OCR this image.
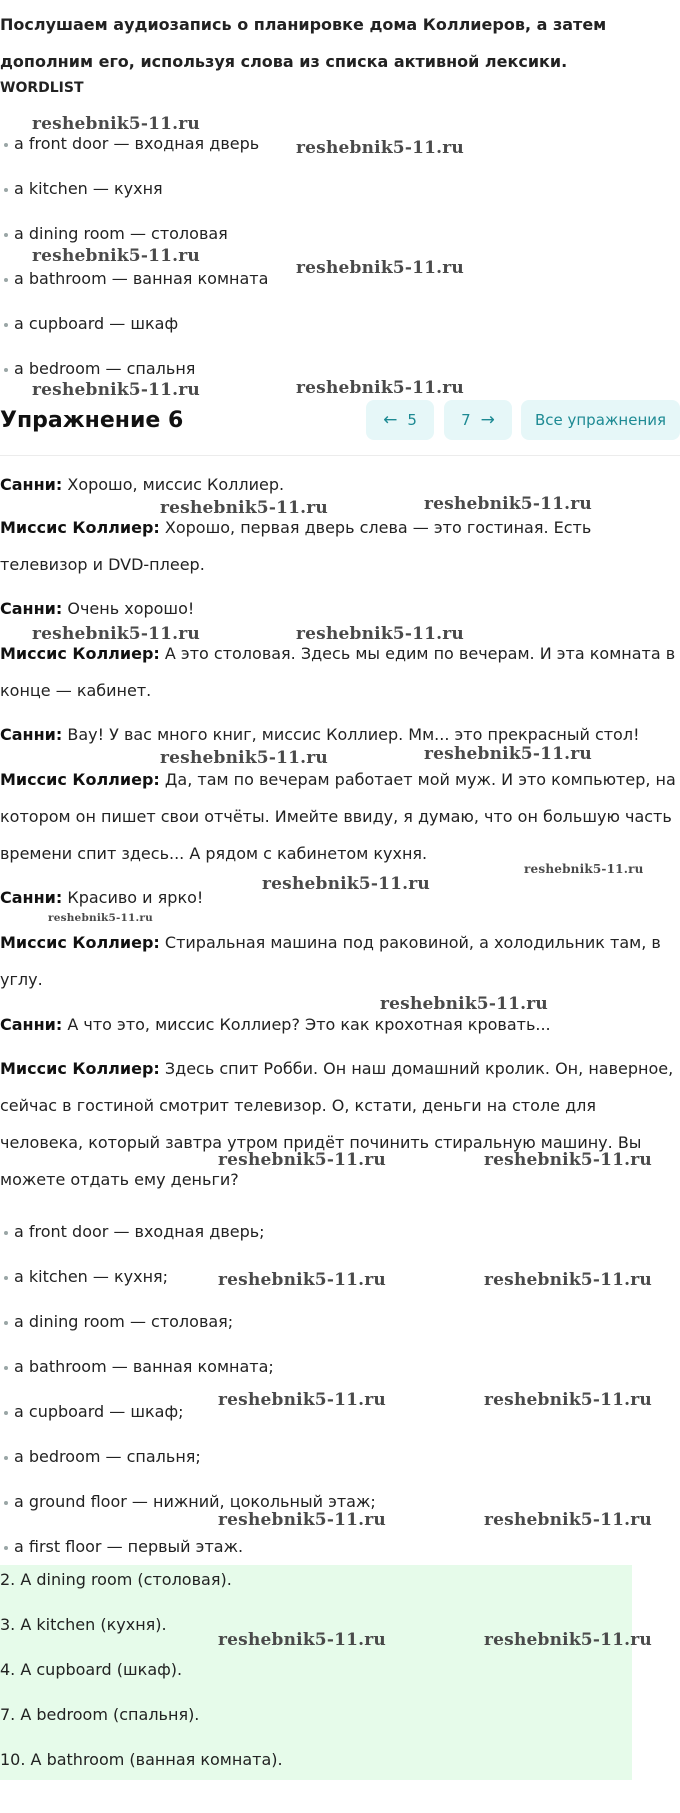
Послушаем аудиозапись о планировке дома Коллиеров, а затем дополним его, используя слова из списка активной лексики.

WORDLIST
a front door — входная дверь
a kitchen — кухня
a dining room — столовая
a bathroom — ванная комната
a cupboard — шкаф
a bedroom — спальня
Упражнение 6	← 5	7 →	Все упражнения

Санни: Хорошо, миссис Коллиер.

Миссис Коллиер: Хорошо, первая дверь слева — это гостиная. Есть телевизор и DVD-плеер.

Санни: Очень хорошо!

Миссис Коллиер: А это столовая. Здесь мы едим по вечерам. И эта комната в конце — кабинет.

Санни: Вау! У вас много книг, миссис Коллиер. Мм... это прекрасный стол!

Миссис Коллиер: Да, там по вечерам работает мой муж. И это компьютер, на котором он пишет свои отчёты. Имейте ввиду, я думаю, что он большую часть времени спит здесь... А рядом с кабинетом кухня.

Санни: Красиво и ярко!

Миссис Коллиер: Стиральная машина под раковиной, а холодильник там, в углу.

Санни: А что это, миссис Коллиер? Это как крохотная кровать...

Миссис Коллиер: Здесь спит Робби. Он наш домашний кролик. Он, наверное, сейчас в гостиной смотрит телевизор. О, кстати, деньги на столе для человека, который завтра утром придёт починить стиральную машину. Вы можете отдать ему деньги?

a front door — входная дверь;
a kitchen — кухня;
a dining room — столовая;
a bathroom — ванная комната;
a cupboard — шкаф;
a bedroom — спальня;
a ground floor — нижний, цокольный этаж;
a first floor — первый этаж.
2. A dining room (столовая).
3. A kitchen (кухня).
4. A cupboard (шкаф).
7. A bedroom (спальня).
10. A bathroom (ванная комната).
reshebnik5-11.ru
reshebnik5-11.ru
reshebnik5-11.ru
reshebnik5-11.ru
reshebnik5-11.ru	reshebnik5-11.ru
reshebnik5-11.ru	reshebnik5-11.ru
reshebnik5-11.ru	reshebnik5-11.ru
reshebnik5-11.ru	reshebnik5-11.ru
reshebnik5-11.ru
reshebnik5-11.ru
reshebnik5-11.ru
reshebnik5-11.ru
reshebnik5-11.ru	reshebnik5-11.ru
reshebnik5-11.ru	reshebnik5-11.ru
reshebnik5-11.ru	reshebnik5-11.ru
reshebnik5-11.ru	reshebnik5-11.ru
reshebnik5-11.ru	reshebnik5-11.ru
